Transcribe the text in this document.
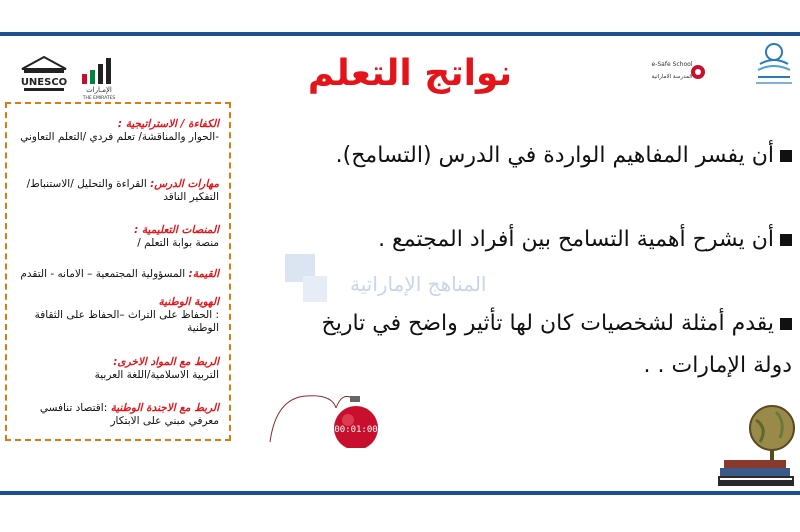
UNESCO
الإمـارات
THE EMIRATES
e-Safe School
المدرسة الاماراتية
نواتج التعلم
الكفاءة / الاستراتيجية :
-الحوار والمناقشة/ تعلم فردي /التعلم التعاوني
مهارات الدرس: القراءة والتحليل /الاستنباط/التفكير الناقد
المنصات التعليمية :
منصة بوابة التعلم /
القيمة: المسؤولية المجتمعية – الامانه - التقدم
الهوية الوطنية
: الحفاظ على التراث –الحفاظ على الثقافة الوطنية
الربط مع المواد الاخرى:
التربية الاسلامية/اللغة العربية
الربط مع الاجندة الوطنية :اقتصاد تنافسي معرفي مبني على الابتكار
المناهج الإماراتية
أن يفسر المفاهيم الواردة في الدرس (التسامح).
أن يشرح أهمية التسامح بين أفراد المجتمع .
يقدم أمثلة لشخصيات كان لها تأثير واضح في تاريخ
دولة الإمارات . .
00:01:00
